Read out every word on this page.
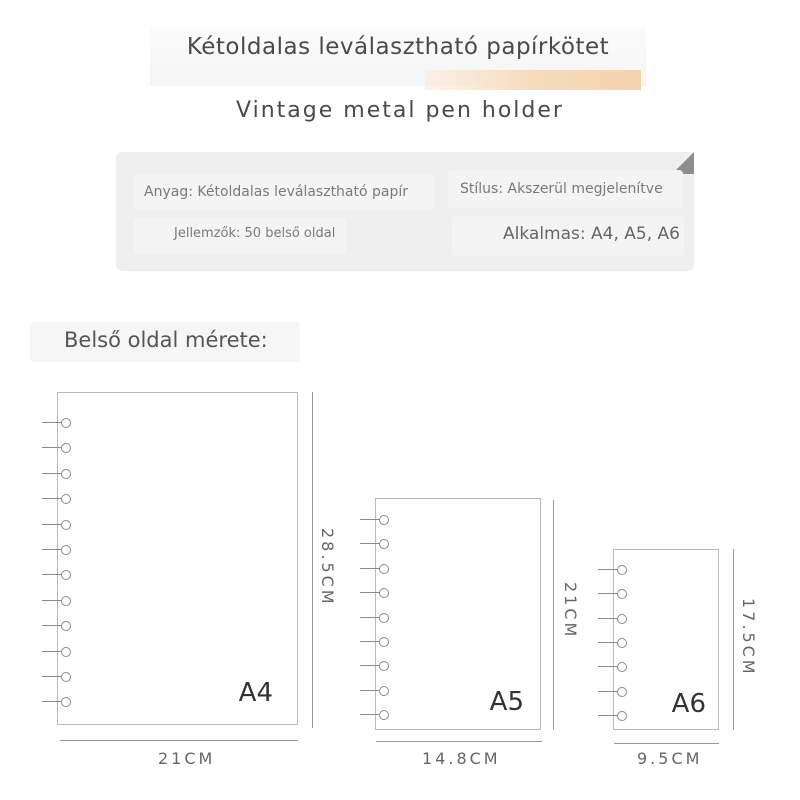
Kétoldalas leválasztható papírkötet
Vintage metal pen holder
Anyag: Kétoldalas leválasztható papír	Stílus: Akszerül megjelenítve
Jellemzők: 50 belső oldal	Alkalmas: A4, A5, A6
Belső oldal mérete:
A4
28.5CM
21CM
A5
21CM
14.8CM
A6
17.5CM
9.5CM
